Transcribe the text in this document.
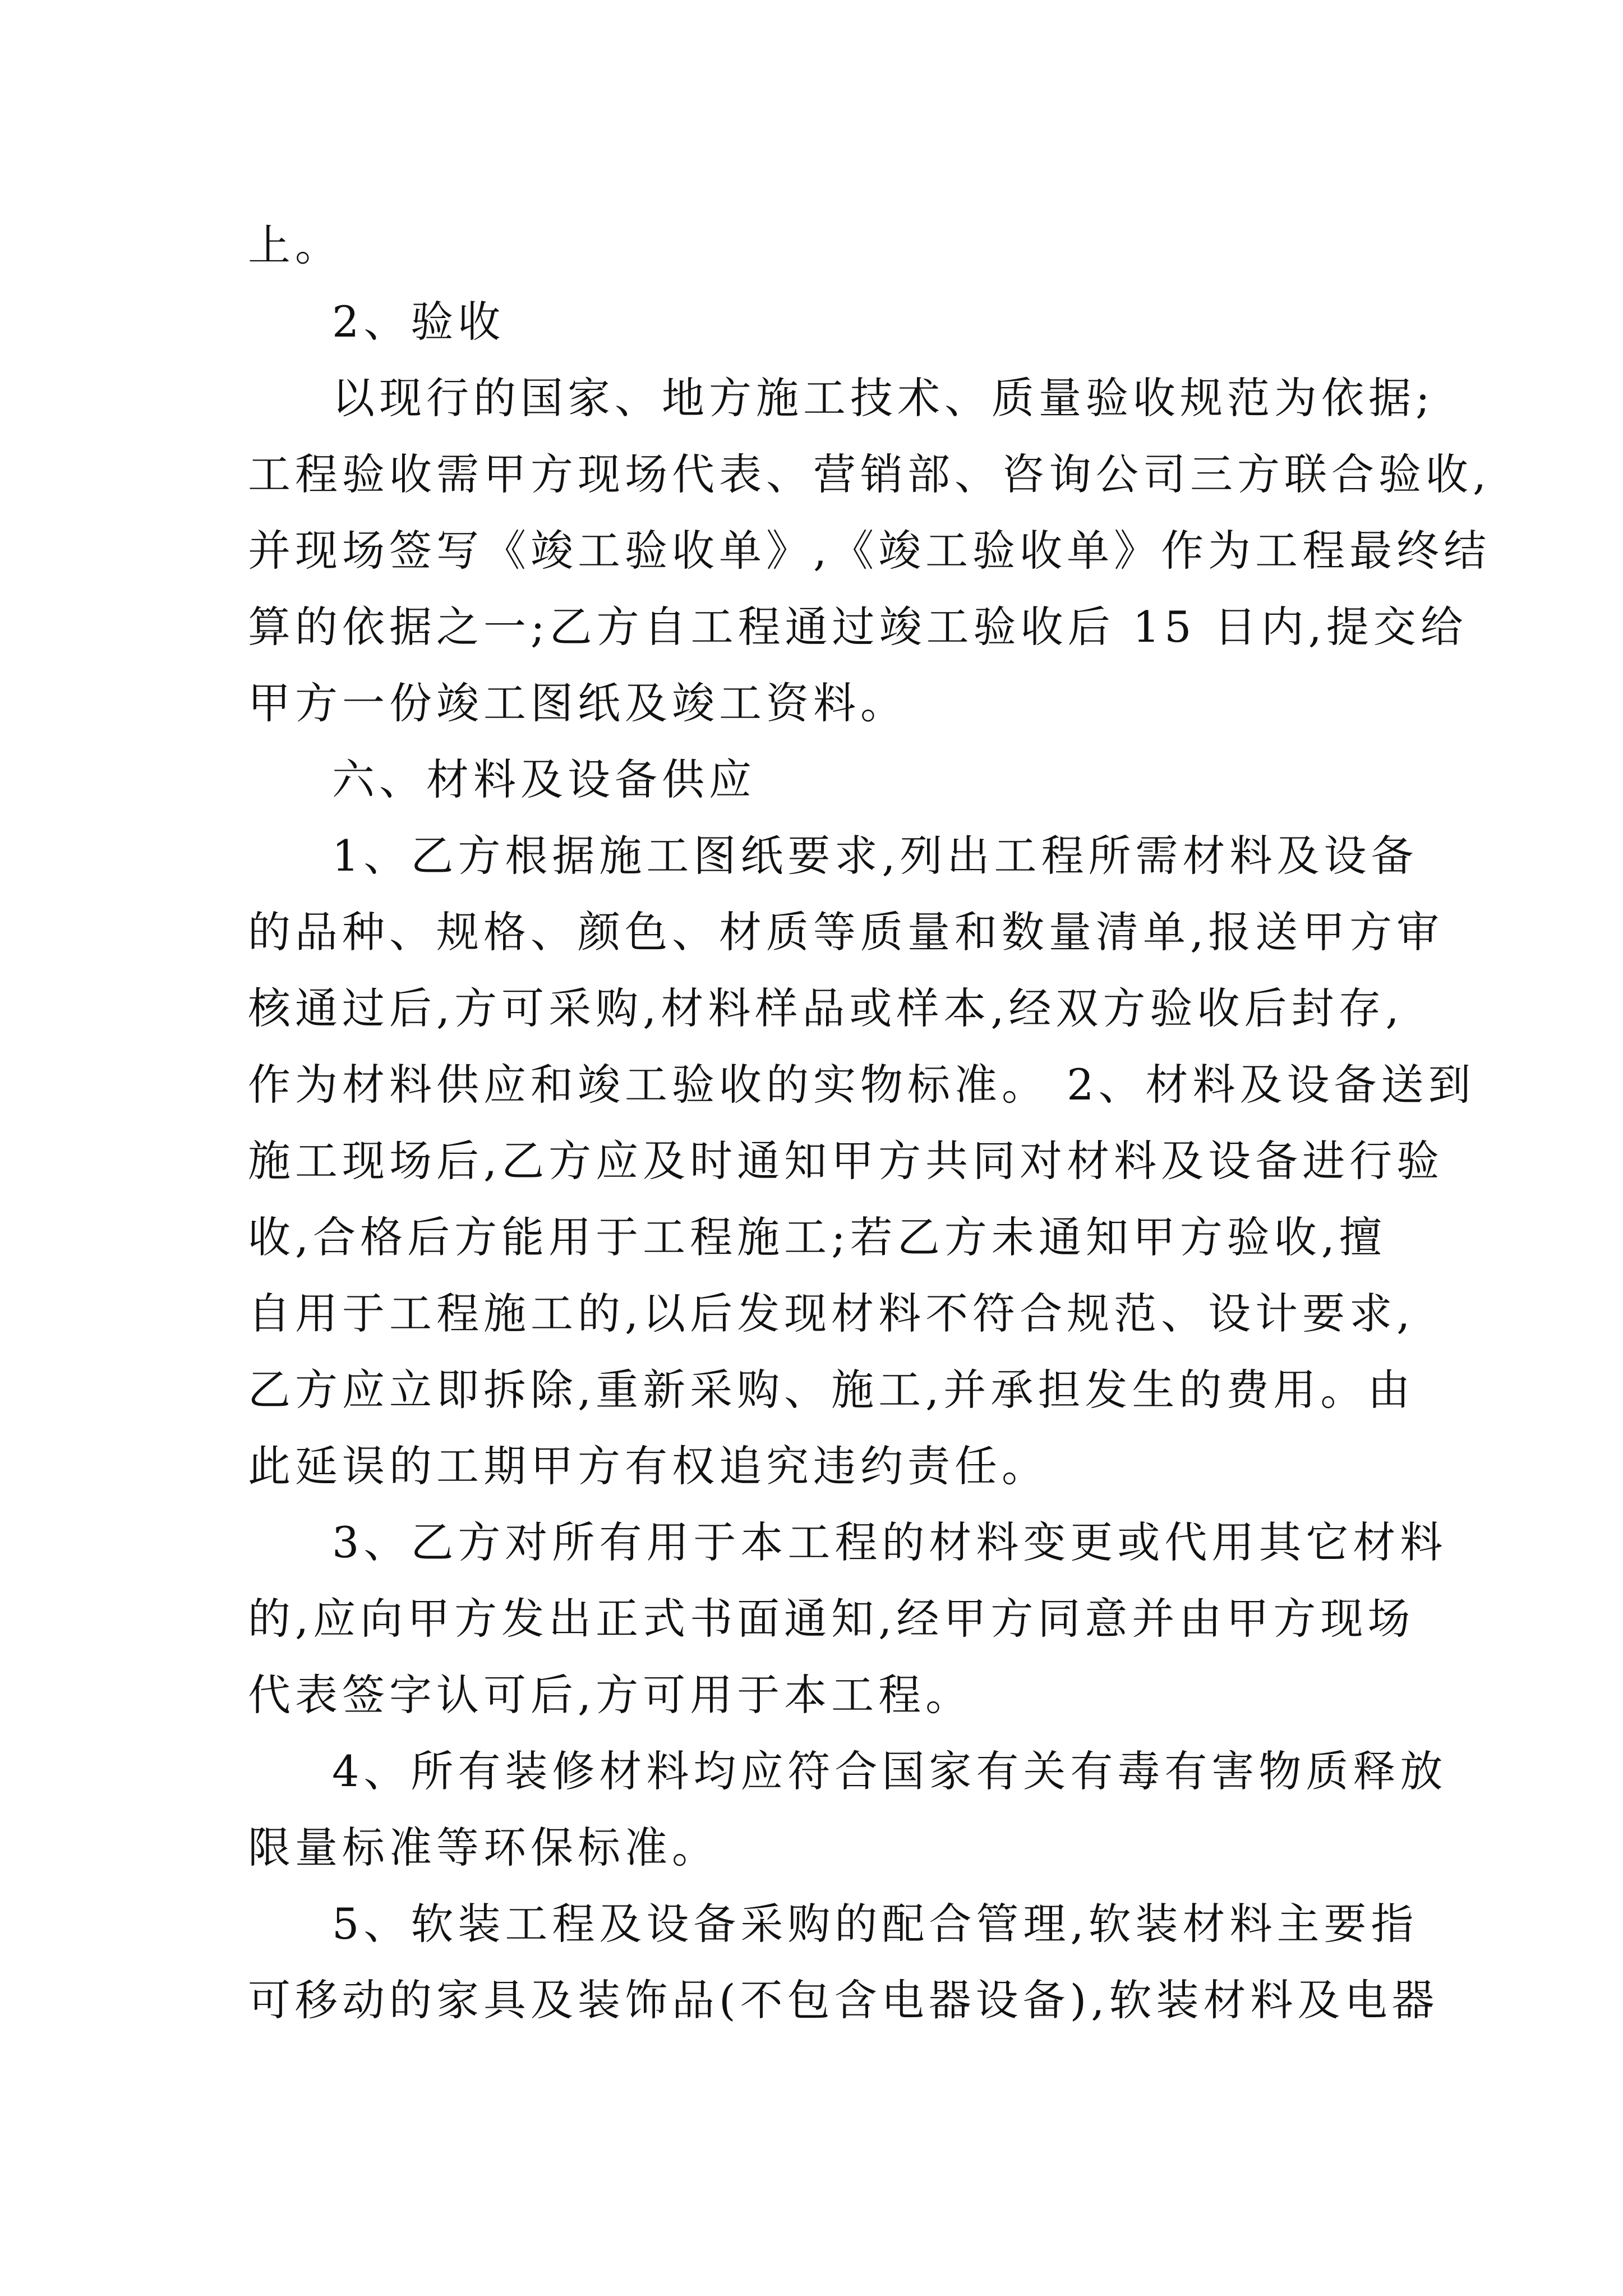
上。
2、验收
以现行的国家、地方施工技术、质量验收规范为依据;
工程验收需甲方现场代表、营销部、咨询公司三方联合验收,
并现场签写《竣工验收单》,《竣工验收单》作为工程最终结
算的依据之一;乙方自工程通过竣工验收后 15 日内,提交给
甲方一份竣工图纸及竣工资料。
六、材料及设备供应
1、乙方根据施工图纸要求,列出工程所需材料及设备
的品种、规格、颜色、材质等质量和数量清单,报送甲方审
核通过后,方可采购,材料样品或样本,经双方验收后封存,
作为材料供应和竣工验收的实物标准。 2、材料及设备送到
施工现场后,乙方应及时通知甲方共同对材料及设备进行验
收,合格后方能用于工程施工;若乙方未通知甲方验收,擅
自用于工程施工的,以后发现材料不符合规范、设计要求,
乙方应立即拆除,重新采购、施工,并承担发生的费用。由
此延误的工期甲方有权追究违约责任。
3、乙方对所有用于本工程的材料变更或代用其它材料
的,应向甲方发出正式书面通知,经甲方同意并由甲方现场
代表签字认可后,方可用于本工程。
4、所有装修材料均应符合国家有关有毒有害物质释放
限量标准等环保标准。
5、软装工程及设备采购的配合管理,软装材料主要指
可移动的家具及装饰品(不包含电器设备),软装材料及电器
